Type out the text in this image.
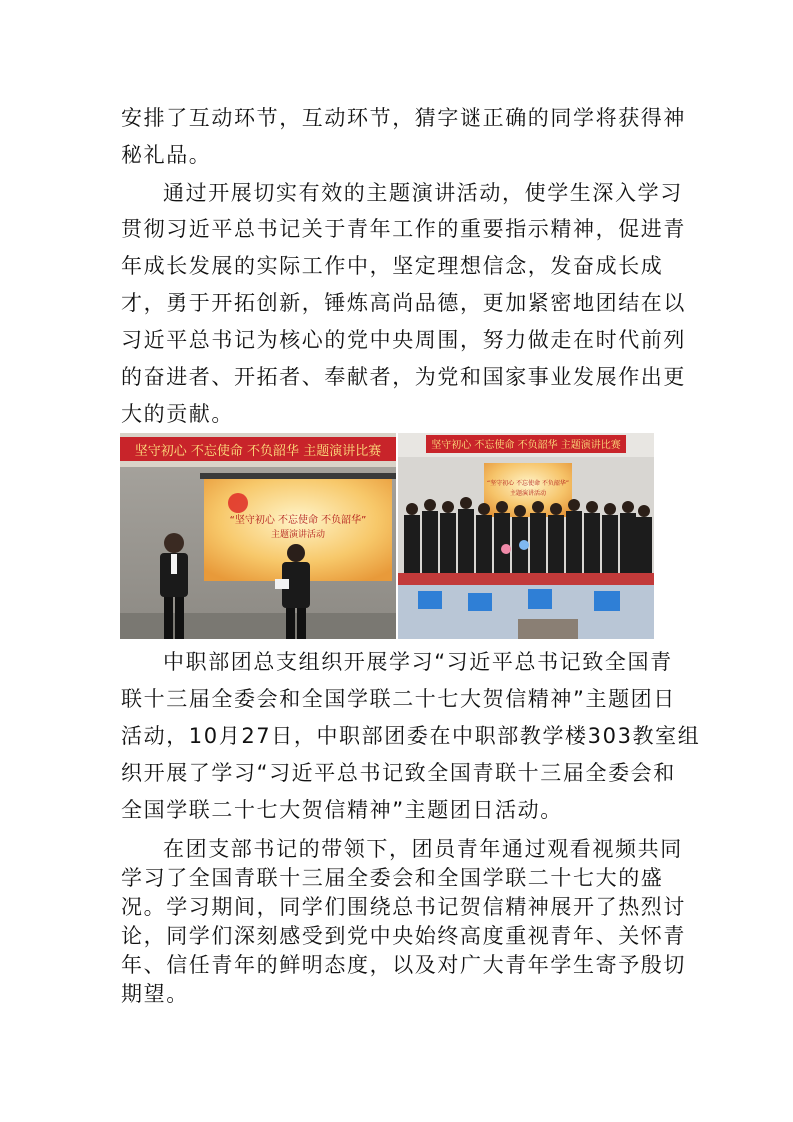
安排了互动环节，互动环节，猜字谜正确的同学将获得神
秘礼品。
通过开展切实有效的主题演讲活动，使学生深入学习
贯彻习近平总书记关于青年工作的重要指示精神，促进青
年成长发展的实际工作中，坚定理想信念，发奋成长成
才，勇于开拓创新，锤炼高尚品德，更加紧密地团结在以
习近平总书记为核心的党中央周围，努力做走在时代前列
的奋进者、开拓者、奉献者，为党和国家事业发展作出更
大的贡献。
坚守初心 不忘使命 不负韶华 主题演讲比赛
“坚守初心 不忘使命 不负韶华”
主题演讲活动
坚守初心 不忘使命 不负韶华 主题演讲比赛
“坚守初心 不忘使命 不负韶华”
主题演讲活动
中职部团总支组织开展学习“习近平总书记致全国青
联十三届全委会和全国学联二十七大贺信精神”主题团日
活动，10月27日，中职部团委在中职部教学楼303教室组
织开展了学习“习近平总书记致全国青联十三届全委会和
全国学联二十七大贺信精神”主题团日活动。
在团支部书记的带领下，团员青年通过观看视频共同
学习了全国青联十三届全委会和全国学联二十七大的盛
况。学习期间，同学们围绕总书记贺信精神展开了热烈讨
论，同学们深刻感受到党中央始终高度重视青年、关怀青
年、信任青年的鲜明态度，以及对广大青年学生寄予殷切
期望。
